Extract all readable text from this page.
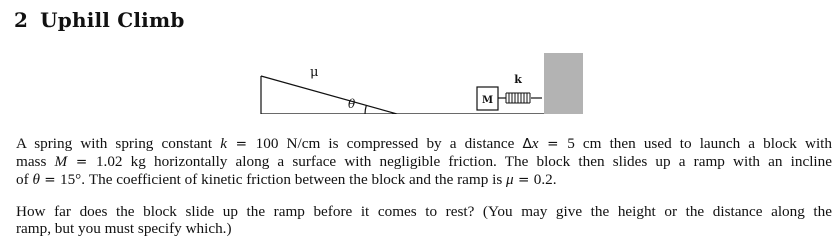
2 Uphill Climb
μ
θ	M
k

A spring with spring constant k = 100 N/cm is compressed by a distance Δx = 5 cm then used to launch a block with
mass M = 1.02 kg horizontally along a surface with negligible friction. The block then slides up a ramp with an incline
of θ = 15°. The coefficient of kinetic friction between the block and the ramp is μ = 0.2.

How far does the block slide up the ramp before it comes to rest? (You may give the height or the distance along the
ramp, but you must specify which.)
